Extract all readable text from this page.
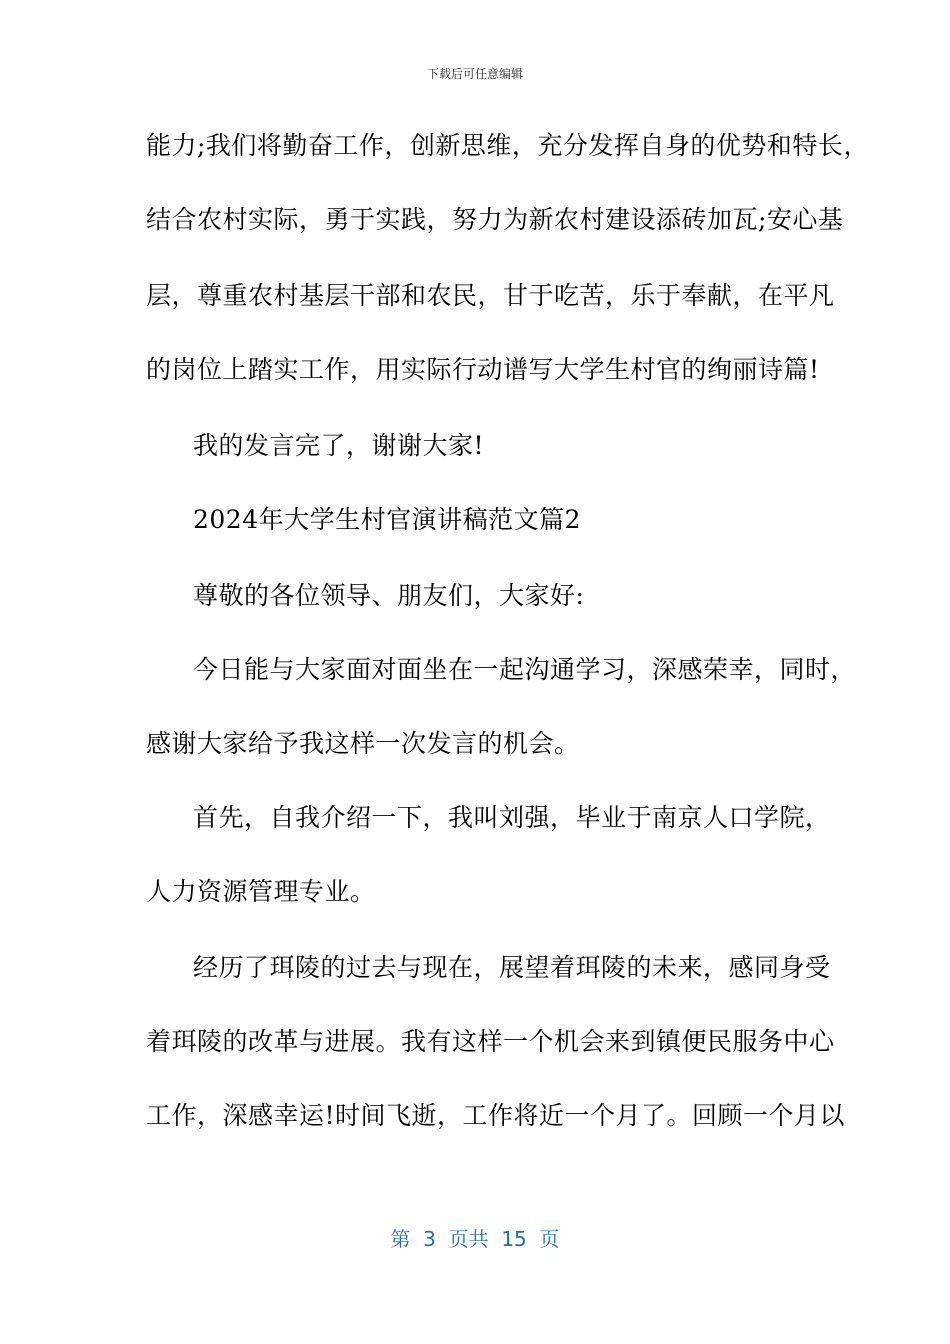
下载后可任意编辑
能力;我们将勤奋工作，创新思维，充分发挥自身的优势和特长，
结合农村实际，勇于实践，努力为新农村建设添砖加瓦;安心基
层，尊重农村基层干部和农民，甘于吃苦，乐于奉献，在平凡
的岗位上踏实工作，用实际行动谱写大学生村官的绚丽诗篇!
我的发言完了，谢谢大家!
2024年大学生村官演讲稿范文篇2
尊敬的各位领导、朋友们，大家好:
今日能与大家面对面坐在一起沟通学习，深感荣幸，同时，
感谢大家给予我这样一次发言的机会。
首先，自我介绍一下，我叫刘强，毕业于南京人口学院，
人力资源管理专业。
经历了珥陵的过去与现在，展望着珥陵的未来，感同身受
着珥陵的改革与进展。我有这样一个机会来到镇便民服务中心
工作，深感幸运!时间飞逝，工作将近一个月了。回顾一个月以
第  3  页共  15  页
